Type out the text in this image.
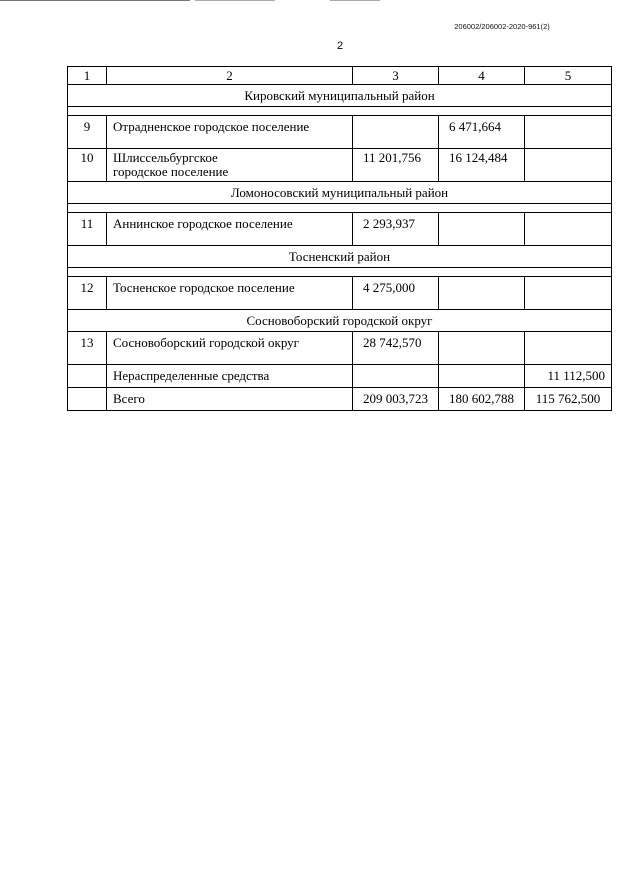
206002/206002-2020-961(2)
2
1	2	3	4	5
Кировский муниципальный район				

9	Отрадненское городское поселение		6 471,664	
10	Шлиссельбургское
городское поселение	11 201,756	16 124,484	
Ломоносовский муниципальный район				

11	Аннинское городское поселение	2 293,937		
Тосненский район				

12	Тосненское городское поселение	4 275,000		
Сосновоборский городской округ				
13	Сосновоборский городской округ	28 742,570		
	Нераспределенные средства			11 112,500
	Всего	209 003,723	180 602,788	115 762,500
